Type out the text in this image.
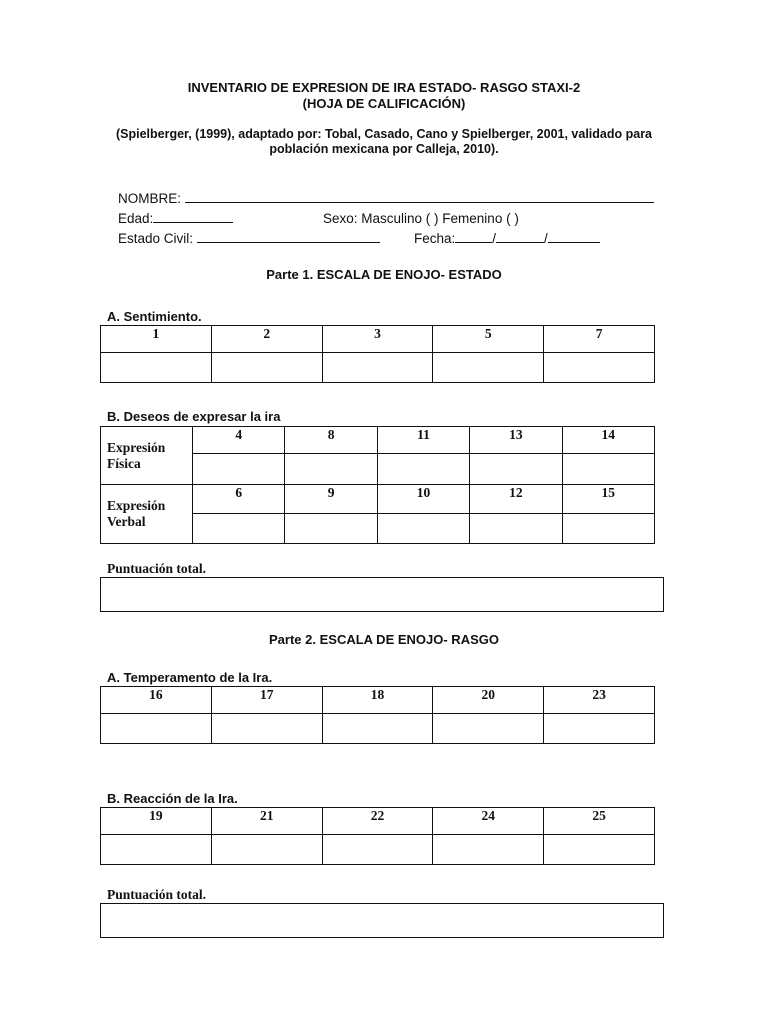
INVENTARIO DE EXPRESION DE IRA ESTADO- RASGO STAXI-2
(HOJA DE CALIFICACIÓN)
(Spielberger, (1999), adaptado por: Tobal, Casado, Cano y Spielberger, 2001, validado para
población mexicana por Calleja, 2010).
NOMBRE:
Edad:	Sexo: Masculino ( ) Femenino ( )
Estado Civil:	Fecha:	/	/
Parte 1. ESCALA DE ENOJO- ESTADO
A. Sentimiento.
1	2	3	5	7

B. Deseos de expresar la ira
Expresión
Física	4	8	11	13	14

Expresión
Verbal	6	9	10	12	15

Puntuación total.
Parte 2. ESCALA DE ENOJO- RASGO
A. Temperamento de la Ira.
16	17	18	20	23

B. Reacción de la Ira.
19	21	22	24	25

Puntuación total.
